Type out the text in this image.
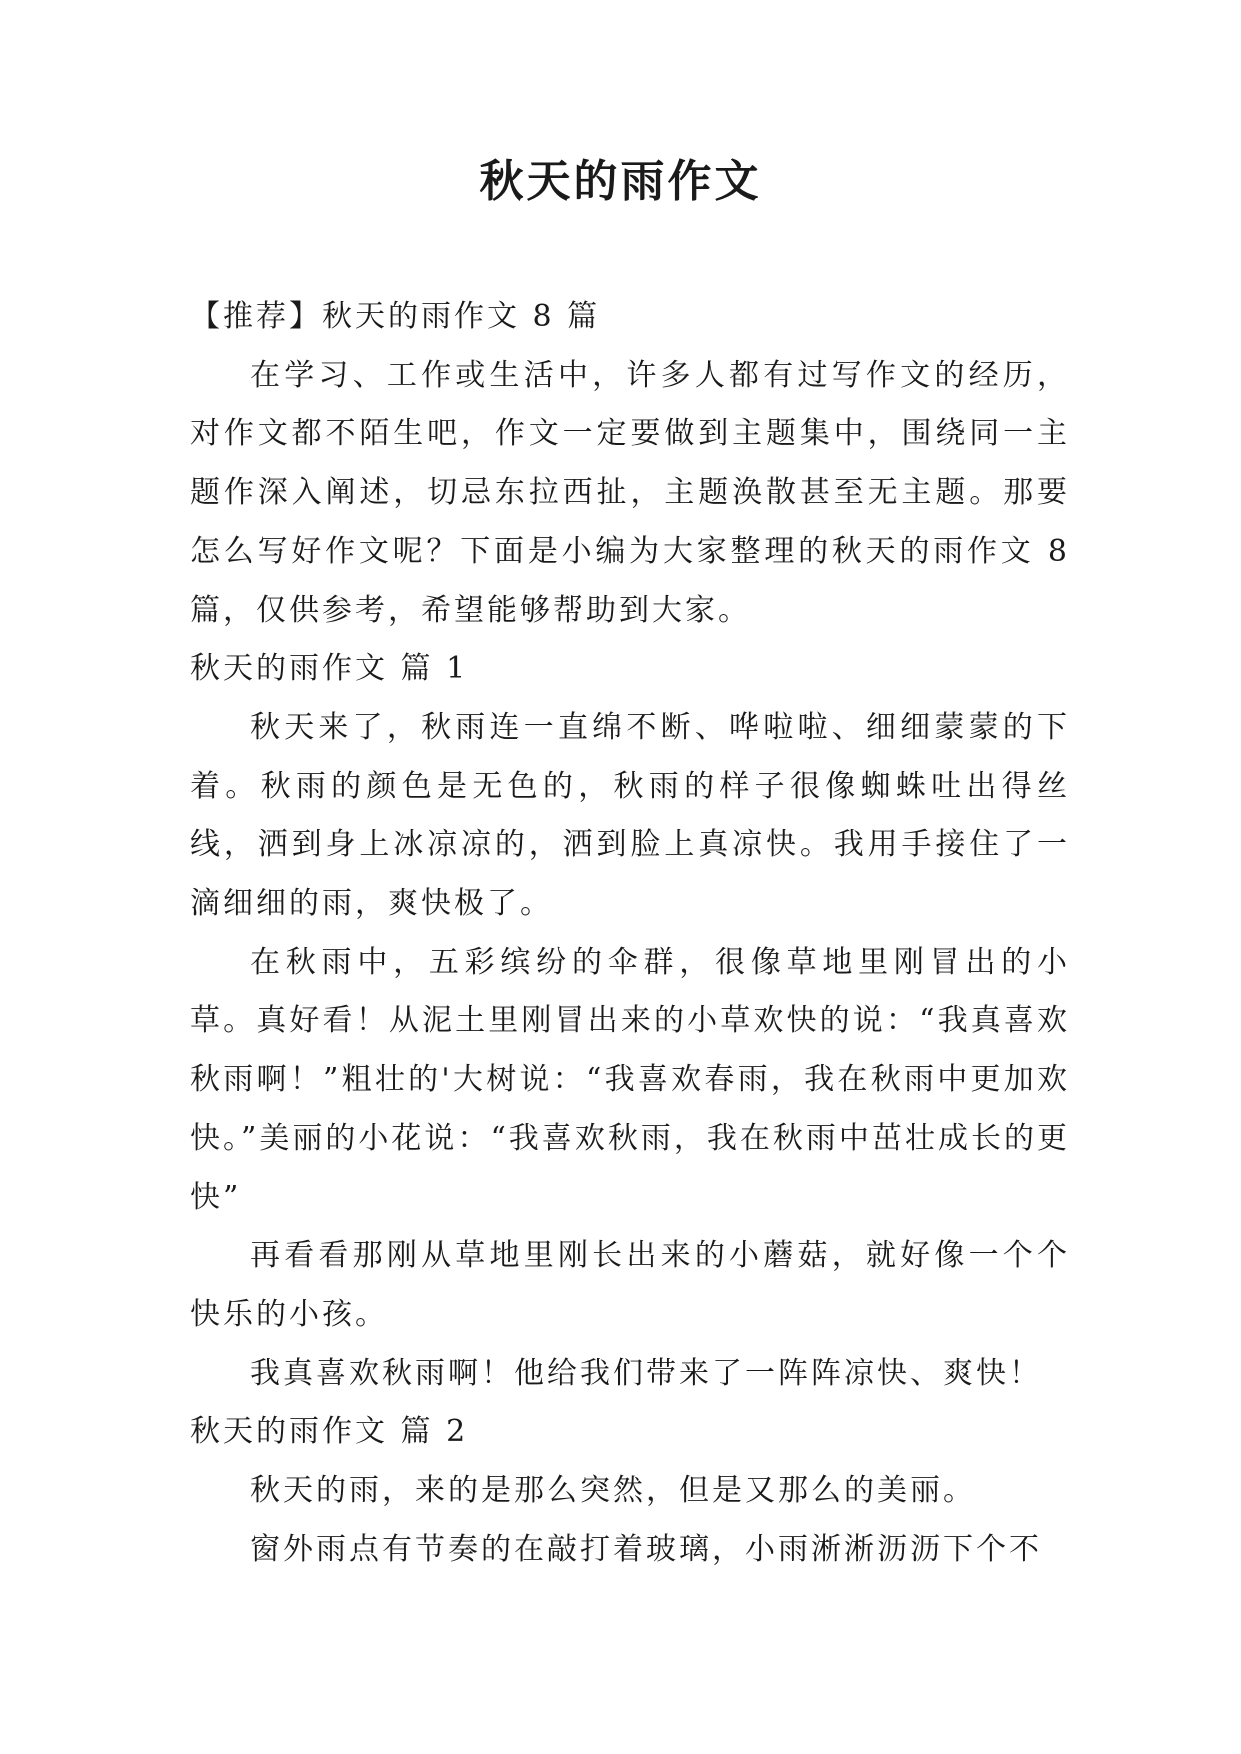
秋天的雨作文

【推荐】秋天的雨作文 8 篇

在学习、工作或生活中，许多人都有过写作文的经历，对作文都不陌生吧，作文一定要做到主题集中，围绕同一主题作深入阐述，切忌东拉西扯，主题涣散甚至无主题。那要怎么写好作文呢？下面是小编为大家整理的秋天的雨作文 8 篇，仅供参考，希望能够帮助到大家。

秋天的雨作文 篇 1

秋天来了，秋雨连一直绵不断、哗啦啦、细细蒙蒙的下着。秋雨的颜色是无色的，秋雨的样子很像蜘蛛吐出得丝线，洒到身上冰凉凉的，洒到脸上真凉快。我用手接住了一滴细细的雨，爽快极了。

在秋雨中，五彩缤纷的伞群，很像草地里刚冒出的小草。真好看！从泥土里刚冒出来的小草欢快的说：“我真喜欢秋雨啊！”粗壮的'大树说：“我喜欢春雨，我在秋雨中更加欢快。”美丽的小花说：“我喜欢秋雨，我在秋雨中茁壮成长的更快”

再看看那刚从草地里刚长出来的小蘑菇，就好像一个个快乐的小孩。

我真喜欢秋雨啊！他给我们带来了一阵阵凉快、爽快！

秋天的雨作文 篇 2

秋天的雨，来的是那么突然，但是又那么的美丽。

窗外雨点有节奏的在敲打着玻璃，小雨淅淅沥沥下个不
